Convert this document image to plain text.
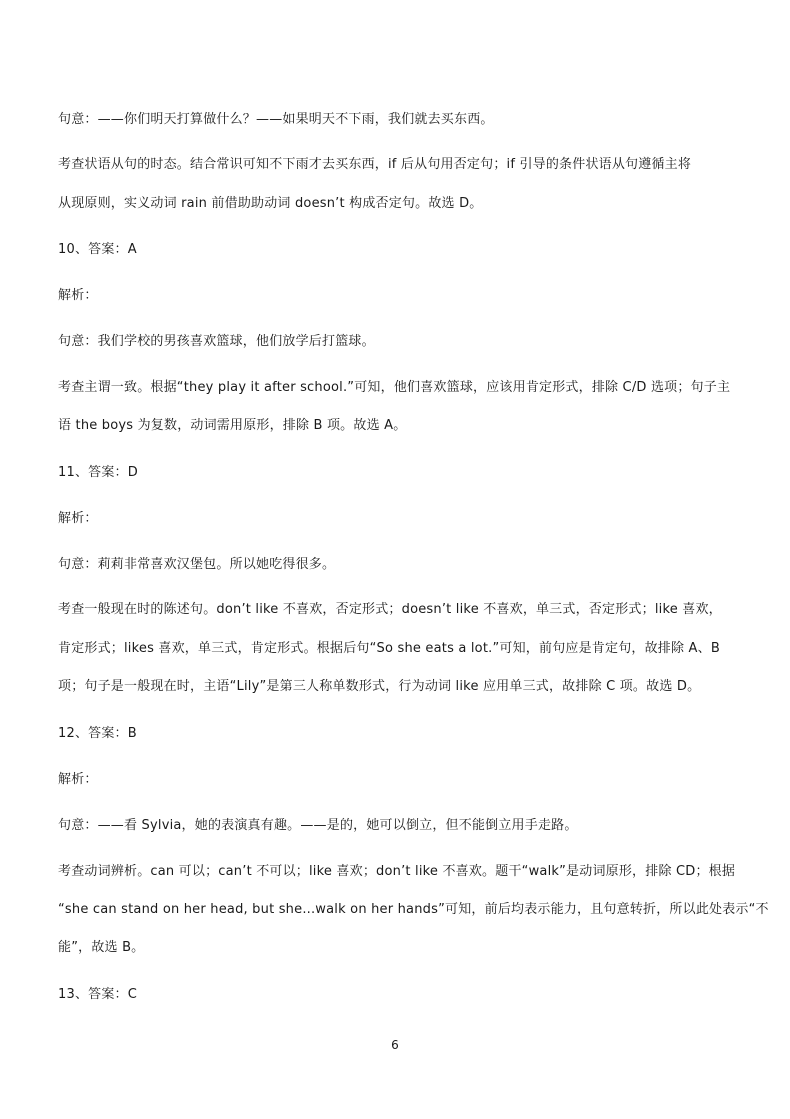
句意：——你们明天打算做什么？——如果明天不下雨，我们就去买东西。
考查状语从句的时态。结合常识可知不下雨才去买东西，if 后从句用否定句；if 引导的条件状语从句遵循主将
从现原则，实义动词 rain 前借助助动词 doesn’t 构成否定句。故选 D。
10、答案：A
解析：
句意：我们学校的男孩喜欢篮球，他们放学后打篮球。
考查主谓一致。根据“they play it after school.”可知，他们喜欢篮球，应该用肯定形式，排除 C/D 选项；句子主
语 the boys 为复数，动词需用原形，排除 B 项。故选 A。
11、答案：D
解析：
句意：莉莉非常喜欢汉堡包。所以她吃得很多。
考查一般现在时的陈述句。don’t like 不喜欢，否定形式；doesn’t like 不喜欢，单三式，否定形式；like 喜欢，
肯定形式；likes 喜欢，单三式，肯定形式。根据后句“So she eats a lot.”可知，前句应是肯定句，故排除 A、B
项；句子是一般现在时，主语“Lily”是第三人称单数形式，行为动词 like 应用单三式，故排除 C 项。故选 D。
12、答案：B
解析：
句意：——看 Sylvia，她的表演真有趣。——是的，她可以倒立，但不能倒立用手走路。
考查动词辨析。can 可以；can’t 不可以；like 喜欢；don’t like 不喜欢。题干“walk”是动词原形，排除 CD；根据
“she can stand on her head, but she...walk on her hands”可知，前后均表示能力，且句意转折，所以此处表示“不
能”，故选 B。
13、答案：C
6
